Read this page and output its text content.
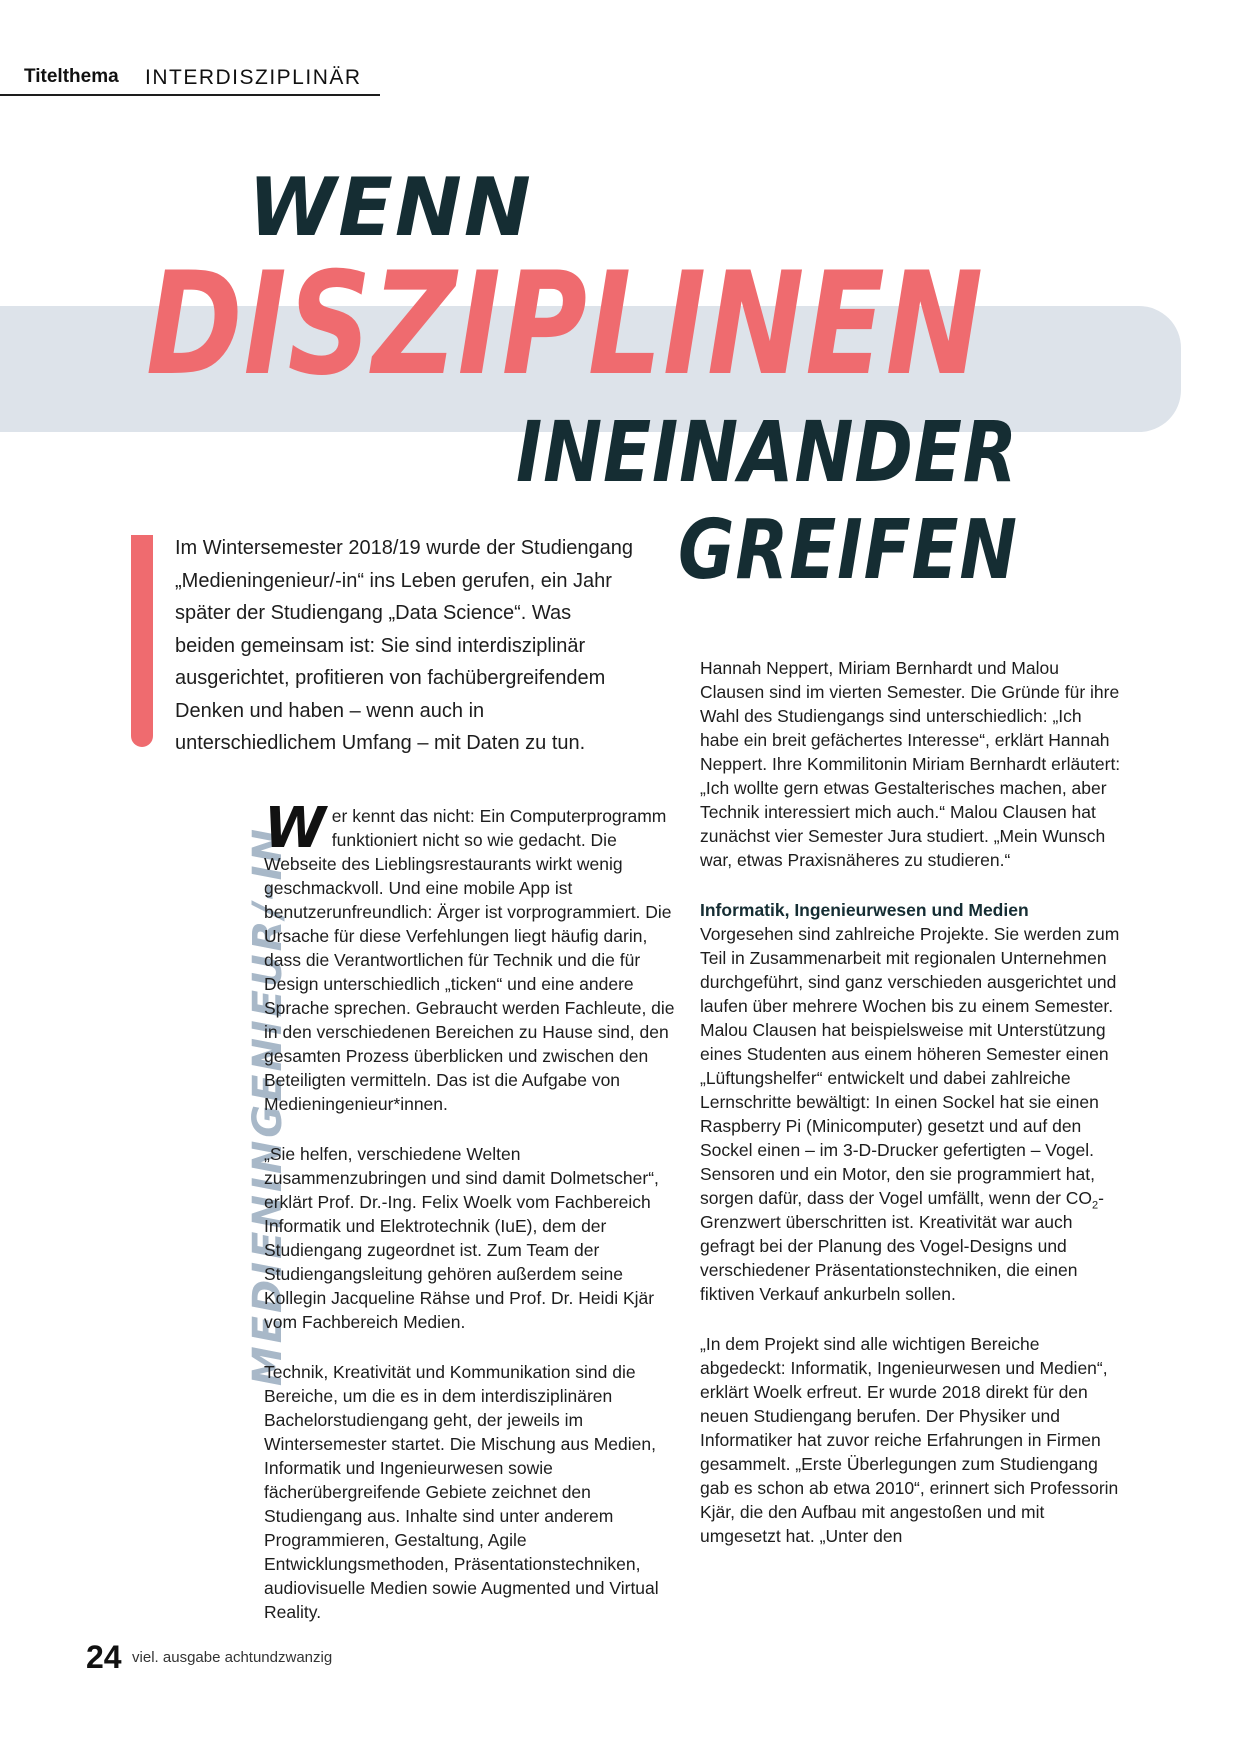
Titelthema INTERDISZIPLINÄR
WENN
DISZIPLINEN
INEINANDER
GREIFEN

Im Wintersemester 2018/19 wurde der Studiengang „Medieningenieur/-in“ ins Leben gerufen, ein Jahr später der Studiengang „Data Science“. Was beiden gemeinsam ist: Sie sind interdisziplinär ausgerichtet, profitieren von fachübergreifendem Denken und haben – wenn auch in unterschiedlichem Umfang – mit Daten zu tun.

MEDIENINGENIEUR/-IN

Wer kennt das nicht: Ein Computerprogramm funktioniert nicht so wie gedacht. Die Webseite des Lieblingsrestaurants wirkt wenig geschmackvoll. Und eine mobile App ist benutzerunfreundlich: Ärger ist vorprogrammiert. Die Ursache für diese Verfehlungen liegt häufig darin, dass die Verantwortlichen für Technik und die für Design unterschiedlich „ticken“ und eine andere Sprache sprechen. Gebraucht werden Fachleute, die in den verschiedenen Bereichen zu Hause sind, den gesamten Prozess überblicken und zwischen den Beteiligten vermitteln. Das ist die Aufgabe von Medieningenieur*innen.

„Sie helfen, verschiedene Welten zusammenzubringen und sind damit Dolmetscher“, erklärt Prof. Dr.-Ing. Felix Woelk vom Fachbereich Informatik und Elektrotechnik (IuE), dem der Studiengang zugeordnet ist. Zum Team der Studiengangsleitung gehören außerdem seine Kollegin Jacqueline Rähse und Prof. Dr. Heidi Kjär vom Fachbereich Medien.

Technik, Kreativität und Kommunikation sind die Bereiche, um die es in dem interdisziplinären Bachelorstudiengang geht, der jeweils im Wintersemester startet. Die Mischung aus Medien, Informatik und Ingenieurwesen sowie fächerübergreifende Gebiete zeichnet den Studiengang aus. Inhalte sind unter anderem Programmieren, Gestaltung, Agile Entwicklungsmethoden, Präsentationstechniken, audiovisuelle Medien sowie Augmented und Virtual Reality.

Hannah Neppert, Miriam Bernhardt und Malou Clausen sind im vierten Semester. Die Gründe für ihre Wahl des Studiengangs sind unterschiedlich: „Ich habe ein breit gefächertes Interesse“, erklärt Hannah Neppert. Ihre Kommilitonin Miriam Bernhardt erläutert: „Ich wollte gern etwas Gestalterisches machen, aber Technik interessiert mich auch.“ Malou Clausen hat zunächst vier Semester Jura studiert. „Mein Wunsch war, etwas Praxisnäheres zu studieren.“

Informatik, Ingenieurwesen und Medien

Vorgesehen sind zahlreiche Projekte. Sie werden zum Teil in Zusammenarbeit mit regionalen Unternehmen durchgeführt, sind ganz verschieden ausgerichtet und laufen über mehrere Wochen bis zu einem Semester. Malou Clausen hat beispielsweise mit Unterstützung eines Studenten aus einem höheren Semester einen „Lüftungshelfer“ entwickelt und dabei zahlreiche Lernschritte bewältigt: In einen Sockel hat sie einen Raspberry Pi (Minicomputer) gesetzt und auf den Sockel einen – im 3-D-Drucker gefertigten – Vogel. Sensoren und ein Motor, den sie programmiert hat, sorgen dafür, dass der Vogel umfällt, wenn der $CO_2$-Grenzwert überschritten ist. Kreativität war auch gefragt bei der Planung des Vogel-Designs und verschiedener Präsentationstechniken, die einen fiktiven Verkauf ankurbeln sollen.

„In dem Projekt sind alle wichtigen Bereiche abgedeckt: Informatik, Ingenieurwesen und Medien“, erklärt Woelk erfreut. Er wurde 2018 direkt für den neuen Studiengang berufen. Der Physiker und Informatiker hat zuvor reiche Erfahrungen in Firmen gesammelt. „Erste Überlegungen zum Studiengang gab es schon ab etwa 2010“, erinnert sich Professorin Kjär, die den Aufbau mit angestoßen und mit umgesetzt hat. „Unter den

24 viel. ausgabe achtundzwanzig
